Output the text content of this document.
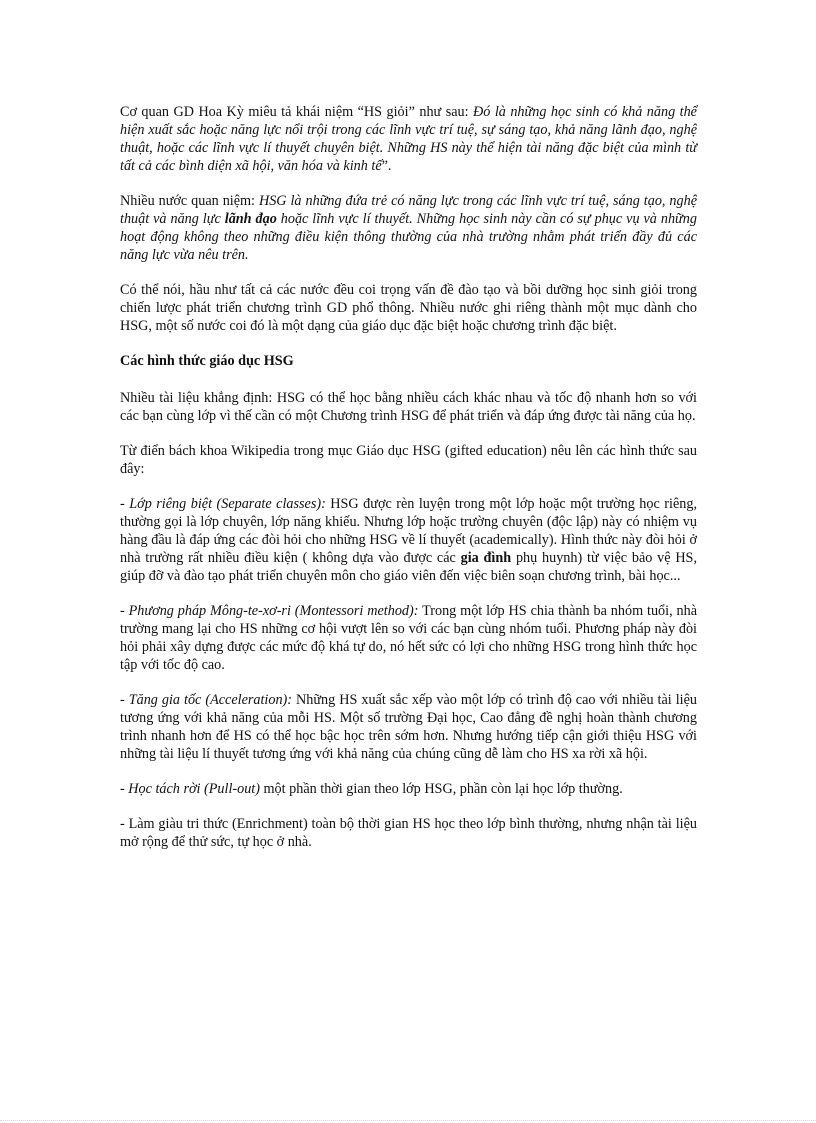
Cơ quan GD Hoa Kỳ miêu tả khái niệm “HS giỏi” như sau: Đó là những học sinh có khả năng thể hiện xuất sắc hoặc năng lực nổi trội trong các lĩnh vực trí tuệ, sự sáng tạo, khả năng lãnh đạo, nghệ thuật, hoặc các lĩnh vực lí thuyết chuyên biệt. Những HS này thể hiện tài năng đặc biệt của mình từ tất cả các bình diện xã hội, văn hóa và kinh tế”.

Nhiều nước quan niệm: HSG là những đứa trẻ có năng lực trong các lĩnh vực trí tuệ, sáng tạo, nghệ thuật và năng lực lãnh đạo hoặc lĩnh vực lí thuyết. Những học sinh này cần có sự phục vụ và những hoạt động không theo những điều kiện thông thường của nhà trường nhằm phát triển đầy đủ các năng lực vừa nêu trên.

Có thể nói, hầu như tất cả các nước đều coi trọng vấn đề đào tạo và bồi dưỡng học sinh giỏi trong chiến lược phát triển chương trình GD phổ thông. Nhiều nước ghi riêng thành một mục dành cho HSG, một số nước coi đó là một dạng của giáo dục đặc biệt hoặc chương trình đặc biệt.

Các hình thức giáo dục HSG

Nhiều tài liệu khẳng định: HSG có thể học bằng nhiều cách khác nhau và tốc độ nhanh hơn so với các bạn cùng lớp vì thế cần có một Chương trình HSG để phát triển và đáp ứng được tài năng của họ.

Từ điển bách khoa Wikipedia trong mục Giáo dục HSG (gifted education) nêu lên các hình thức sau đây:

- Lớp riêng biệt (Separate classes): HSG được rèn luyện trong một lớp hoặc một trường học riêng, thường gọi là lớp chuyên, lớp năng khiếu. Nhưng lớp hoặc trường chuyên (độc lập) này có nhiệm vụ hàng đầu là đáp ứng các đòi hỏi cho những HSG về lí thuyết (academically). Hình thức này đòi hỏi ở nhà trường rất nhiều điều kiện ( không dựa vào được các gia đình phụ huynh) từ việc bảo vệ HS, giúp đỡ và đào tạo phát triển chuyên môn cho giáo viên đến việc biên soạn chương trình, bài học...

- Phương pháp Mông-te-xơ-ri (Montessori method): Trong một lớp HS chia thành ba nhóm tuổi, nhà trường mang lại cho HS những cơ hội vượt lên so với các bạn cùng nhóm tuổi. Phương pháp này đòi hỏi phải xây dựng được các mức độ khá tự do, nó hết sức có lợi cho những HSG trong hình thức học tập với tốc độ cao.

- Tăng gia tốc (Acceleration): Những HS xuất sắc xếp vào một lớp có trình độ cao với nhiều tài liệu tương ứng với khả năng của mỗi HS. Một số trường Đại học, Cao đẳng đề nghị hoàn thành chương trình nhanh hơn để HS có thể học bậc học trên sớm hơn. Nhưng hướng tiếp cận giới thiệu HSG với những tài liệu lí thuyết tương ứng với khả năng của chúng cũng dễ làm cho HS xa rời xã hội.

- Học tách rời (Pull-out) một phần thời gian theo lớp HSG, phần còn lại học lớp thường.

- Làm giàu tri thức (Enrichment) toàn bộ thời gian HS học theo lớp bình thường, nhưng nhận tài liệu mở rộng để thử sức, tự học ở nhà.
